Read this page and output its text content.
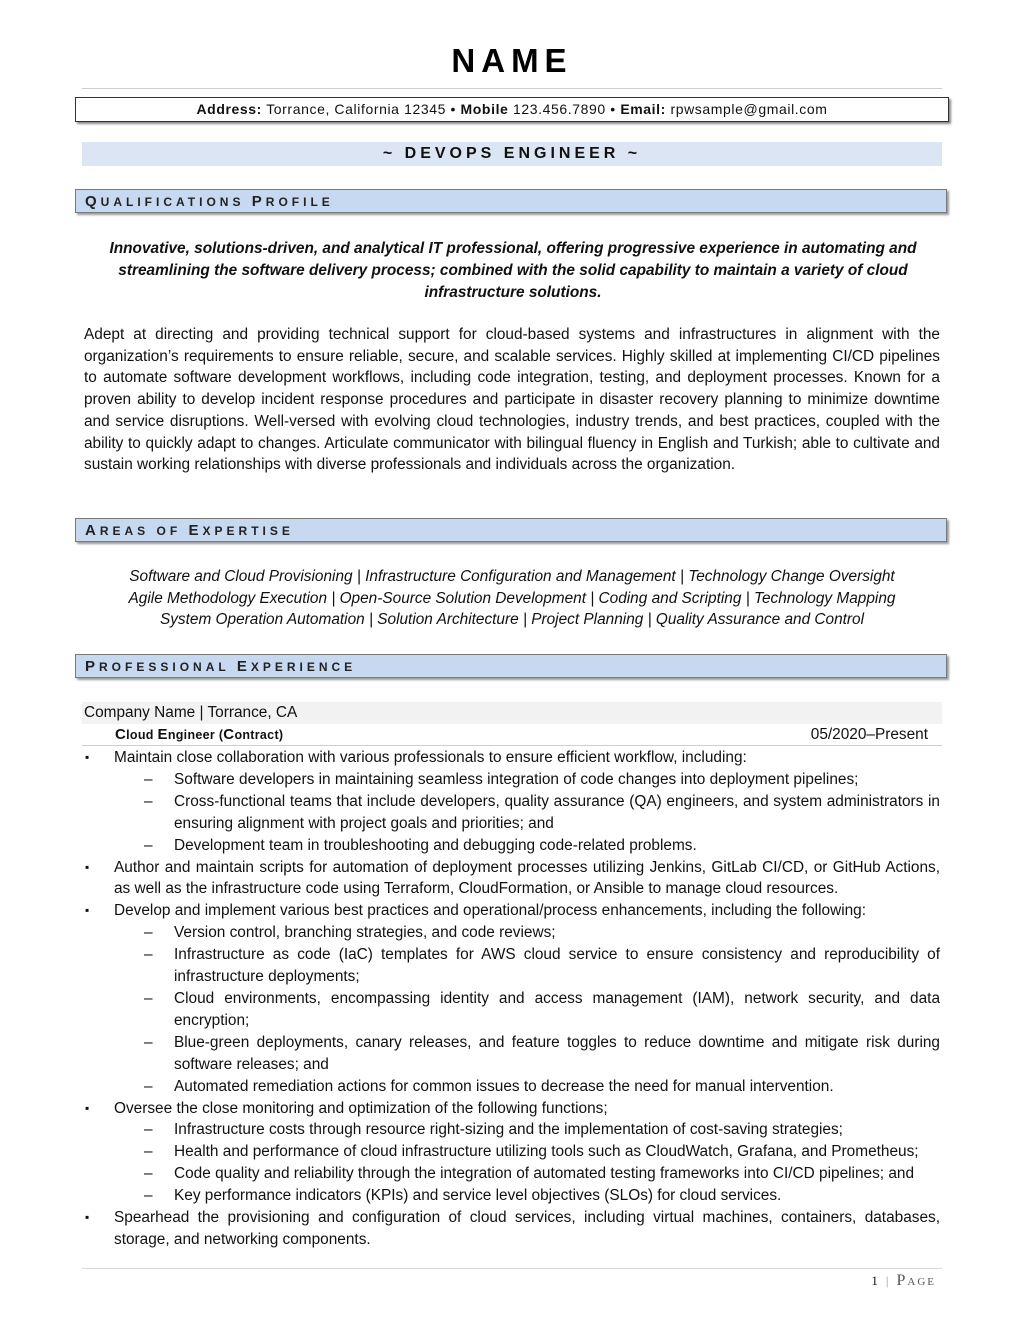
NAME
Address: Torrance, California 12345 • Mobile 123.456.7890 • Email: rpwsample@gmail.com
~ DEVOPS ENGINEER ~
QUALIFICATIONS PROFILE
Innovative, solutions-driven, and analytical IT professional, offering progressive experience in automating and streamlining the software delivery process; combined with the solid capability to maintain a variety of cloud infrastructure solutions.
Adept at directing and providing technical support for cloud-based systems and infrastructures in alignment with the organization’s requirements to ensure reliable, secure, and scalable services. Highly skilled at implementing CI/CD pipelines to automate software development workflows, including code integration, testing, and deployment processes. Known for a proven ability to develop incident response procedures and participate in disaster recovery planning to minimize downtime and service disruptions. Well-versed with evolving cloud technologies, industry trends, and best practices, coupled with the ability to quickly adapt to changes. Articulate communicator with bilingual fluency in English and Turkish; able to cultivate and sustain working relationships with diverse professionals and individuals across the organization.
AREAS OF EXPERTISE
Software and Cloud Provisioning | Infrastructure Configuration and Management | Technology Change Oversight
Agile Methodology Execution | Open-Source Solution Development | Coding and Scripting | Technology Mapping
System Operation Automation | Solution Architecture | Project Planning | Quality Assurance and Control
PROFESSIONAL EXPERIENCE
Company Name | Torrance, CA
Cloud Engineer (Contract)	05/2020–Present
▪ Maintain close collaboration with various professionals to ensure efficient workflow, including:
– Software developers in maintaining seamless integration of code changes into deployment pipelines;
– Cross-functional teams that include developers, quality assurance (QA) engineers, and system administrators in ensuring alignment with project goals and priorities; and
– Development team in troubleshooting and debugging code-related problems.
▪ Author and maintain scripts for automation of deployment processes utilizing Jenkins, GitLab CI/CD, or GitHub Actions, as well as the infrastructure code using Terraform, CloudFormation, or Ansible to manage cloud resources.
▪ Develop and implement various best practices and operational/process enhancements, including the following:
– Version control, branching strategies, and code reviews;
– Infrastructure as code (IaC) templates for AWS cloud service to ensure consistency and reproducibility of infrastructure deployments;
– Cloud environments, encompassing identity and access management (IAM), network security, and data encryption;
– Blue-green deployments, canary releases, and feature toggles to reduce downtime and mitigate risk during software releases; and
– Automated remediation actions for common issues to decrease the need for manual intervention.
▪ Oversee the close monitoring and optimization of the following functions;
– Infrastructure costs through resource right-sizing and the implementation of cost-saving strategies;
– Health and performance of cloud infrastructure utilizing tools such as CloudWatch, Grafana, and Prometheus;
– Code quality and reliability through the integration of automated testing frameworks into CI/CD pipelines; and
– Key performance indicators (KPIs) and service level objectives (SLOs) for cloud services.
▪ Spearhead the provisioning and configuration of cloud services, including virtual machines, containers, databases, storage, and networking components.
1 | PAGE
